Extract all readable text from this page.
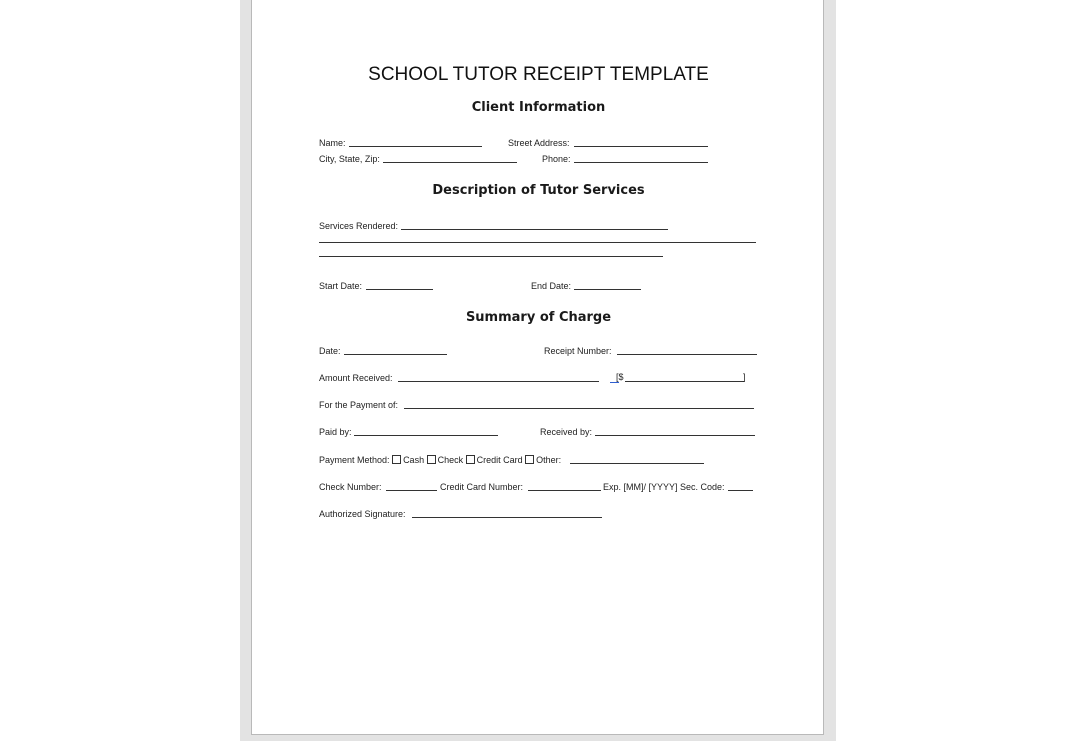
SCHOOL TUTOR RECEIPT TEMPLATE
Client Information
Name:	Street Address:
City, State, Zip:	Phone:
Description of Tutor Services
Services Rendered:
Start Date:	End Date:
Summary of Charge
Date:	Receipt Number:
Amount Received:	[$	]
For the Payment of:
Paid by:	Received by:
Payment Method: Cash Check Credit Card Other:
Check Number:	Credit Card Number:	Exp. [MM]/ [YYYY] Sec. Code:
Authorized Signature:
